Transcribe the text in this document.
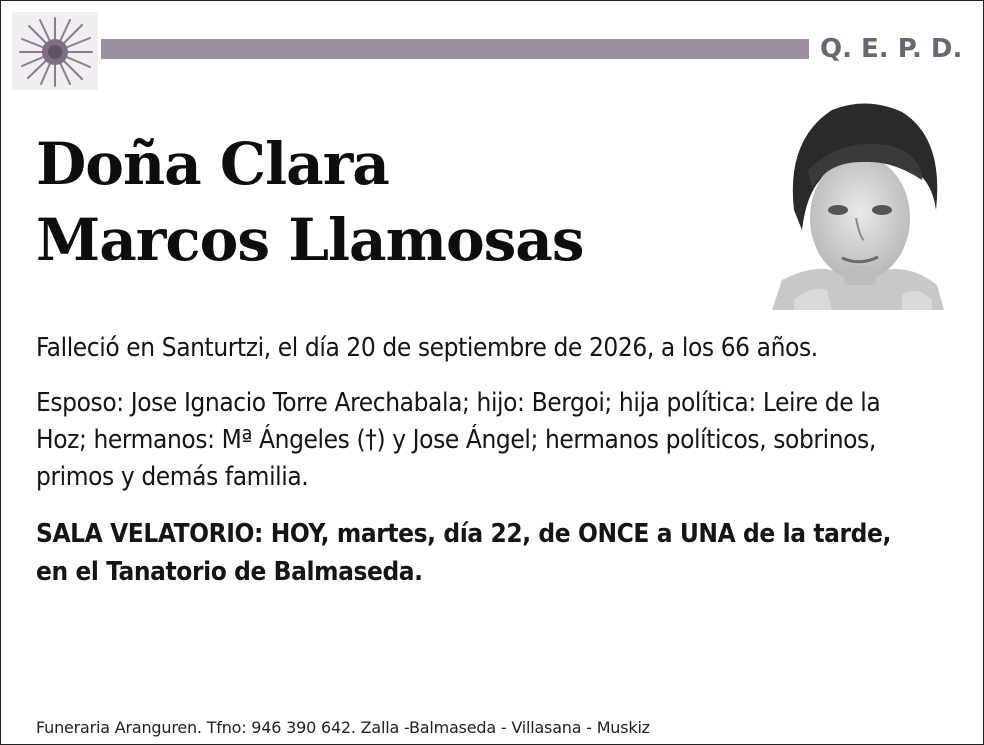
Q. E. P. D.
Doña Clara
Marcos Llamosas
Falleció en Santurtzi, el día 20 de septiembre de 2026, a los 66 años.
Esposo: Jose Ignacio Torre Arechabala; hijo: Bergoi; hija política: Leire de la Hoz; hermanos: Mª Ángeles (†) y Jose Ángel; hermanos políticos, sobrinos, primos y demás familia.
SALA VELATORIO: HOY, martes, día 22, de ONCE a UNA de la tarde, en el Tanatorio de Balmaseda.
Funeraria Aranguren. Tfno: 946 390 642. Zalla -Balmaseda - Villasana - Muskiz
